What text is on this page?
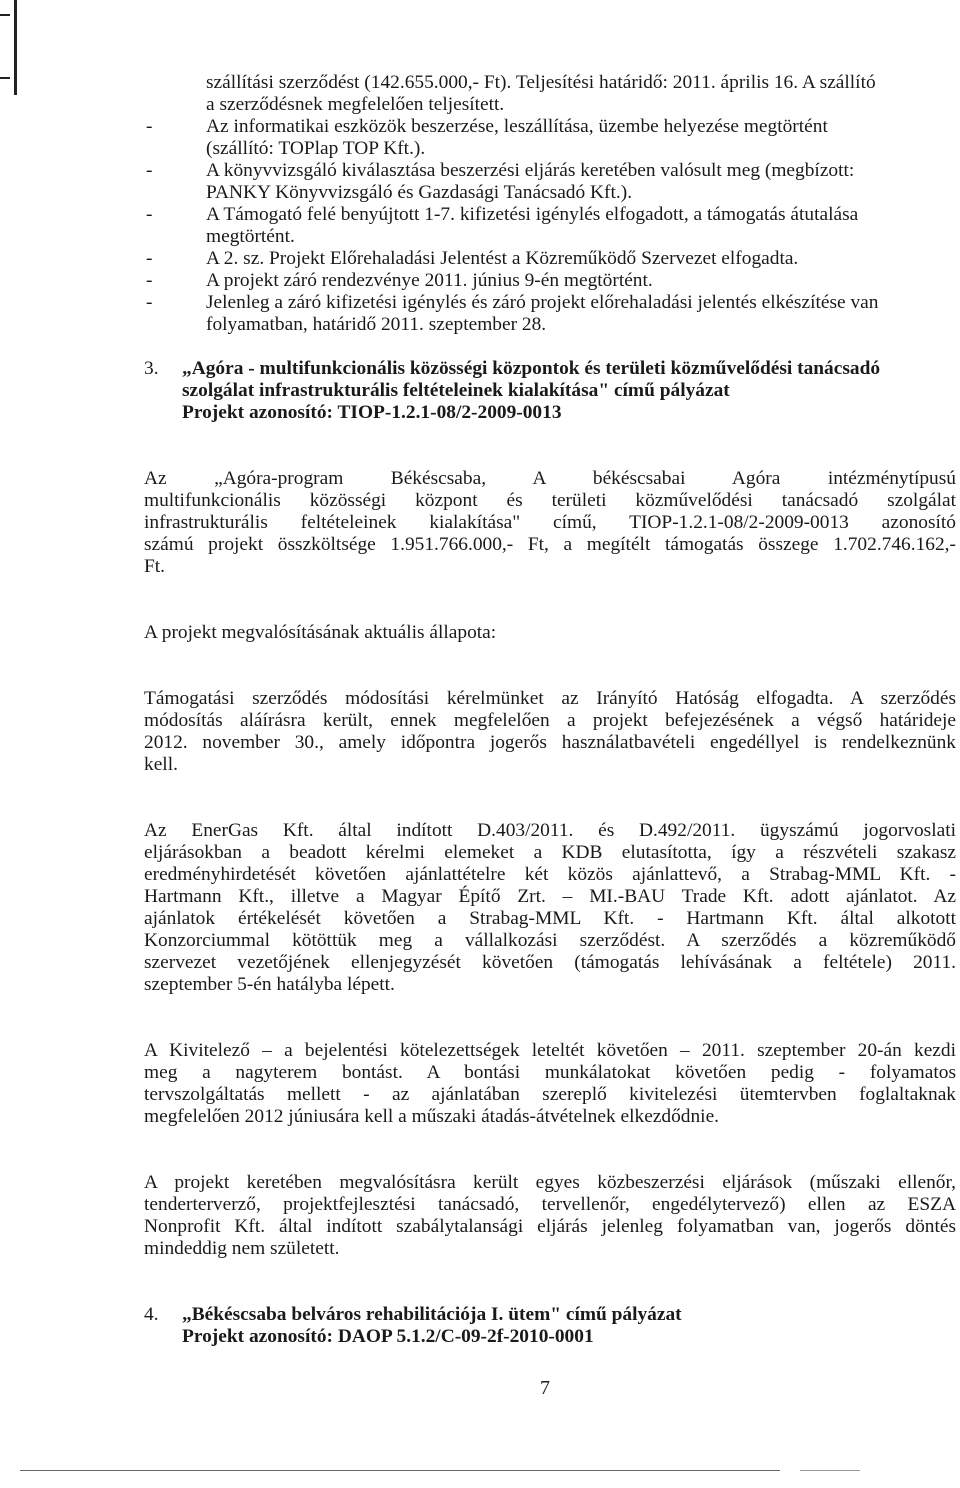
szállítási szerződést (142.655.000,- Ft). Teljesítési határidő: 2011. április 16. A szállító
a szerződésnek megfelelően teljesített.
-	Az informatikai eszközök beszerzése, leszállítása, üzembe helyezése megtörtént
(szállító: TOPlap TOP Kft.).
-	A könyvvizsgáló kiválasztása beszerzési eljárás keretében valósult meg (megbízott:
PANKY Könyvvizsgáló és Gazdasági Tanácsadó Kft.).
-	A Támogató felé benyújtott 1-7. kifizetési igénylés elfogadott, a támogatás átutalása
megtörtént.
-	A 2. sz. Projekt Előrehaladási Jelentést a Közreműködő Szervezet elfogadta.
-	A projekt záró rendezvénye 2011. június 9-én megtörtént.
-	Jelenleg a záró kifizetési igénylés és záró projekt előrehaladási jelentés elkészítése van
folyamatban, határidő 2011. szeptember 28.
3. „Agóra - multifunkcionális közösségi központok és területi közművelődési tanácsadó
szolgálat infrastrukturális feltételeinek kialakítása" című pályázat
Projekt azonosító: TIOP-1.2.1-08/2-2009-0013
Az „Agóra-program Békéscsaba, A békéscsabai Agóra intézménytípusú
multifunkcionális közösségi központ és területi közművelődési tanácsadó szolgálat
infrastrukturális feltételeinek kialakítása" című, TIOP-1.2.1-08/2-2009-0013 azonosító
számú projekt összköltsége 1.951.766.000,- Ft, a megítélt támogatás összege 1.702.746.162,-
Ft.
A projekt megvalósításának aktuális állapota:
Támogatási szerződés módosítási kérelmünket az Irányító Hatóság elfogadta. A szerződés
módosítás aláírásra került, ennek megfelelően a projekt befejezésének a végső határideje
2012. november 30., amely időpontra jogerős használatbavételi engedéllyel is rendelkeznünk
kell.
Az EnerGas Kft. által indított D.403/2011. és D.492/2011. ügyszámú jogorvoslati
eljárásokban a beadott kérelmi elemeket a KDB elutasította, így a részvételi szakasz
eredményhirdetését követően ajánlattételre két közös ajánlattevő, a Strabag-MML Kft. -
Hartmann Kft., illetve a Magyar Építő Zrt. – MI.-BAU Trade Kft. adott ajánlatot. Az
ajánlatok értékelését követően a Strabag-MML Kft. - Hartmann Kft. által alkotott
Konzorciummal kötöttük meg a vállalkozási szerződést. A szerződés a közreműködő
szervezet vezetőjének ellenjegyzését követően (támogatás lehívásának a feltétele) 2011.
szeptember 5-én hatályba lépett.
A Kivitelező – a bejelentési kötelezettségek leteltét követően – 2011. szeptember 20-án kezdi
meg a nagyterem bontást. A bontási munkálatokat követően pedig - folyamatos
tervszolgáltatás mellett - az ajánlatában szereplő kivitelezési ütemtervben foglaltaknak
megfelelően 2012 júniusára kell a műszaki átadás-átvételnek elkezdődnie.
A projekt keretében megvalósításra került egyes közbeszerzési eljárások (műszaki ellenőr,
tenderterverző, projektfejlesztési tanácsadó, tervellenőr, engedélytervező) ellen az ESZA
Nonprofit Kft. által indított szabálytalansági eljárás jelenleg folyamatban van, jogerős döntés
mindeddig nem született.
4. „Békéscsaba belváros rehabilitációja I. ütem" című pályázat
Projekt azonosító: DAOP 5.1.2/C-09-2f-2010-0001
7
